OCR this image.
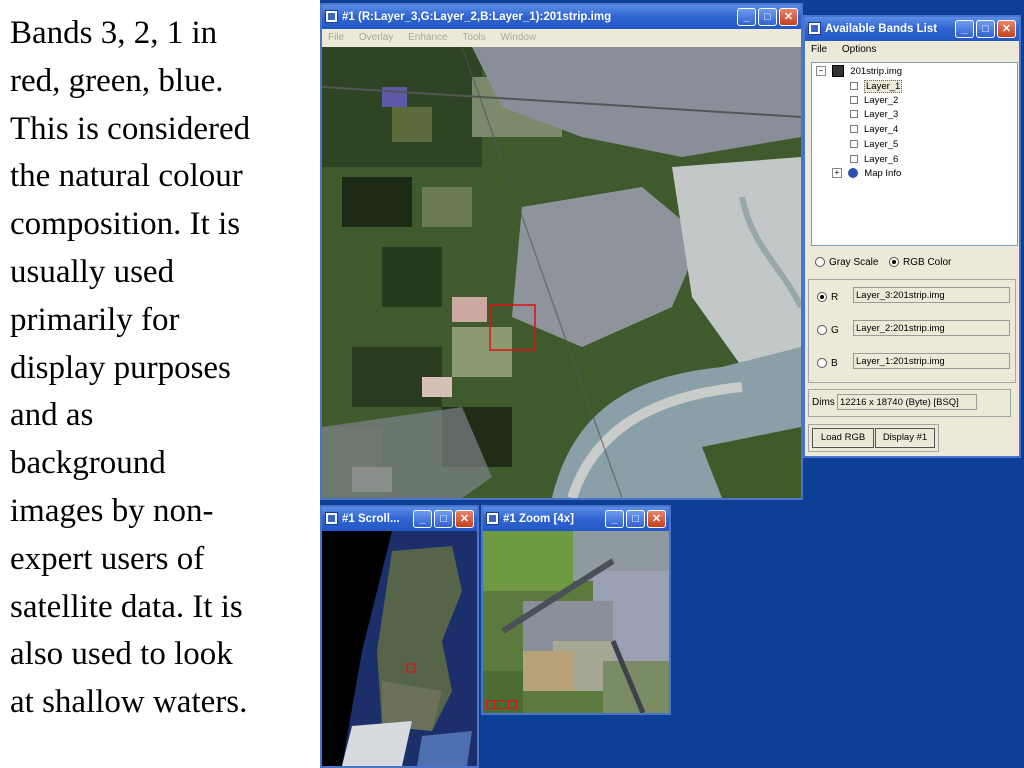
Bands 3, 2, 1 in
red, green, blue.
This is considered
the natural colour
composition. It is
usually used
primarily for
display purposes
and as
background
images by non-
expert users of
satellite data. It is
also used to look
at shallow waters.
#1 (R:Layer_3,G:Layer_2,B:Layer_1):201strip.img	_	□	✕
File Overlay Enhance Tools Window
#1 Scroll...	_	□	✕	#1 Zoom [4x]	_	□	✕
Available Bands List	_	□	✕
File Options
−	201strip.img
Layer_1
Layer_2
Layer_3
Layer_4
Layer_5
Layer_6
+	Map Info
Gray Scale	RGB Color
R	Layer_3:201strip.img
G	Layer_2:201strip.img
B	Layer_1:201strip.img
Dims 12216 x 18740 (Byte) [BSQ]
Load RGB	Display #1
